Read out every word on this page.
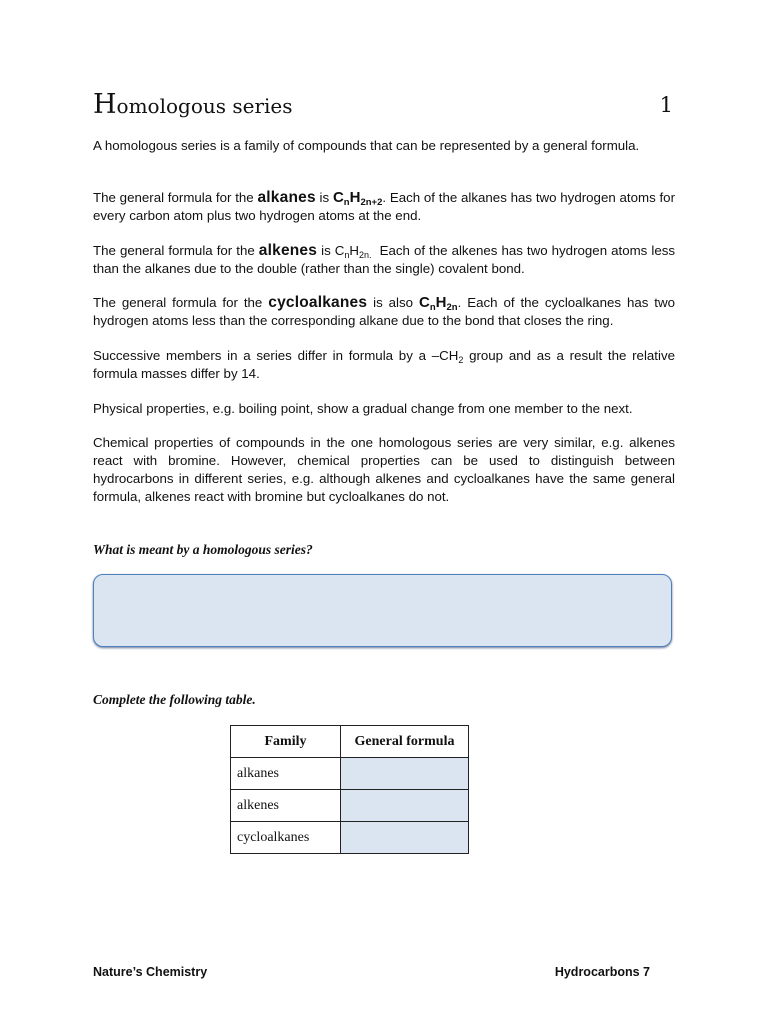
Homologous series	1

A homologous series is a family of compounds that can be represented by a general formula.

The general formula for the alkanes is $C_nH_{2n+2}$. Each of the alkanes has two hydrogen atoms for every carbon atom plus two hydrogen atoms at the end.

The general formula for the alkenes is $C_nH_{2n.}$  Each of the alkenes has two hydrogen atoms less than the alkanes due to the double (rather than the single) covalent bond.

The general formula for the cycloalkanes is also $C_nH_{2n}$. Each of the cycloalkanes has two hydrogen atoms less than the corresponding alkane due to the bond that closes the ring.

Successive members in a series differ in formula by a $-CH_2$ group and as a result the relative formula masses differ by 14.

Physical properties, e.g. boiling point, show a gradual change from one member to the next.

Chemical properties of compounds in the one homologous series are very similar, e.g. alkenes react with bromine. However, chemical properties can be used to distinguish between hydrocarbons in different series, e.g. although alkenes and cycloalkanes have the same general formula, alkenes react with bromine but cycloalkanes do not.

What is meant by a homologous series?
Complete the following table.
Family	General formula
alkanes	
alkenes	
cycloalkanes	
Nature’s Chemistry	Hydrocarbons 7
